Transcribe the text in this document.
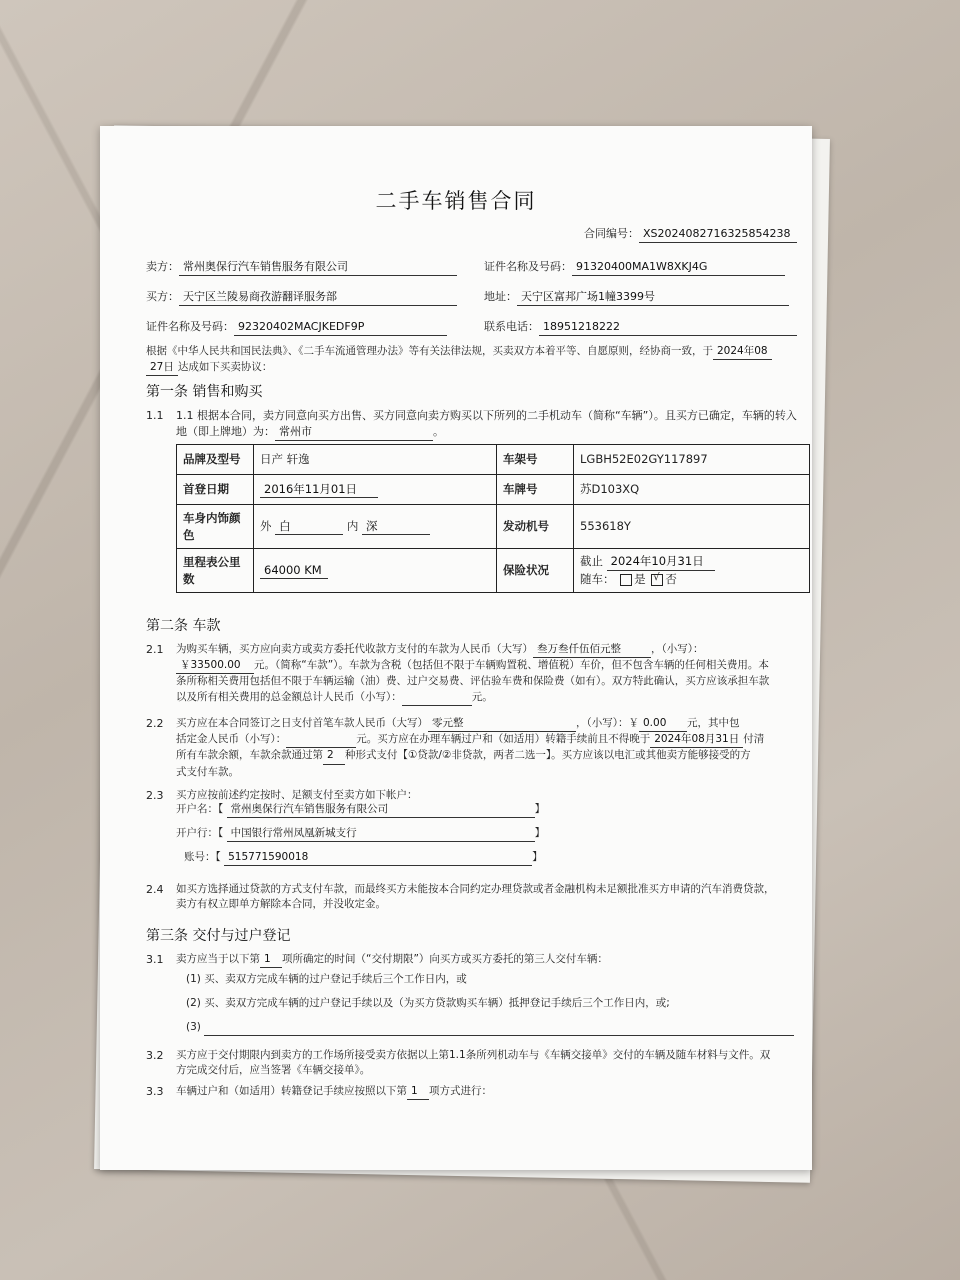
二手车销售合同
合同编号： XS2024082716325854238
卖方： 常州奥保行汽车销售服务有限公司	证件名称及号码： 91320400MA1W8XKJ4G
买方： 天宁区兰陵易商孜游翻译服务部	地址： 天宁区富邦广场1幢3399号
证件名称及号码： 92320402MACJKEDF9P	联系电话： 18951218222
根据《中华人民共和国民法典》、《二手车流通管理办法》等有关法律法规，买卖双方本着平等、自愿原则，经协商一致，于 2024年08
27日 达成如下买卖协议：
第一条 销售和购买
1.1 1.1 根据本合同，卖方同意向买方出售、买方同意向卖方购买以下所列的二手机动车（简称“车辆”）。且买方已确定，车辆的转入
地（即上牌地）为： 常州市	。
品牌及型号	日产 轩逸	车架号	LGBH52E02GY117897
首登日期	2016年11月01日	车牌号	苏D103XQ
车身内饰颜色	外 白 内 深	发动机号	553618Y
里程表公里数	64000 KM	保险状况	截止 2024年10月31日
随车： 是 √ 否
第二条 车款
2.1 为购买车辆，买方应向卖方或卖方委托代收款方支付的车款为人民币（大写） 叁万叁仟伍佰元整	，（小写）：
￥33500.00 元。（简称“车款”）。车款为含税（包括但不限于车辆购置税、增值税）车价，但不包含车辆的任何相关费用。本
条所称相关费用包括但不限于车辆运输（油）费、过户交易费、评估验车费和保险费（如有）。双方特此确认，买方应该承担车款
以及所有相关费用的总金额总计人民币（小写）：	元。
2.2 买方应在本合同签订之日支付首笔车款人民币（大写） 零元整	，（小写）：￥ 0.00 元，其中包
括定金人民币（小写）：	元。买方应在办理车辆过户和（如适用）转籍手续前且不得晚于 2024年08月31日 付清
所有车款余额，车款余款通过第 2 种形式支付【①贷款/②非贷款，两者二选一】。买方应该以电汇或其他卖方能够接受的方
式支付车款。
2.3 买方应按前述约定按时、足额支付至卖方如下帐户：
开户名：【 常州奥保行汽车销售服务有限公司	】
开户行：【 中国银行常州凤凰新城支行	】
账号：【 515771590018	】
2.4 如买方选择通过贷款的方式支付车款，而最终买方未能按本合同约定办理贷款或者金融机构未足额批准买方申请的汽车消费贷款，
卖方有权立即单方解除本合同，并没收定金。
第三条 交付与过户登记
3.1 卖方应当于以下第 1 项所确定的时间（“交付期限”）向买方或买方委托的第三人交付车辆：
(1) 买、卖双方完成车辆的过户登记手续后三个工作日内，或
(2) 买、卖双方完成车辆的过户登记手续以及（为买方贷款购买车辆）抵押登记手续后三个工作日内，或;
(3)
3.2 买方应于交付期限内到卖方的工作场所接受卖方依据以上第1.1条所列机动车与《车辆交接单》交付的车辆及随车材料与文件。双
方完成交付后，应当签署《车辆交接单》。
3.3 车辆过户和（如适用）转籍登记手续应按照以下第 1 项方式进行：
